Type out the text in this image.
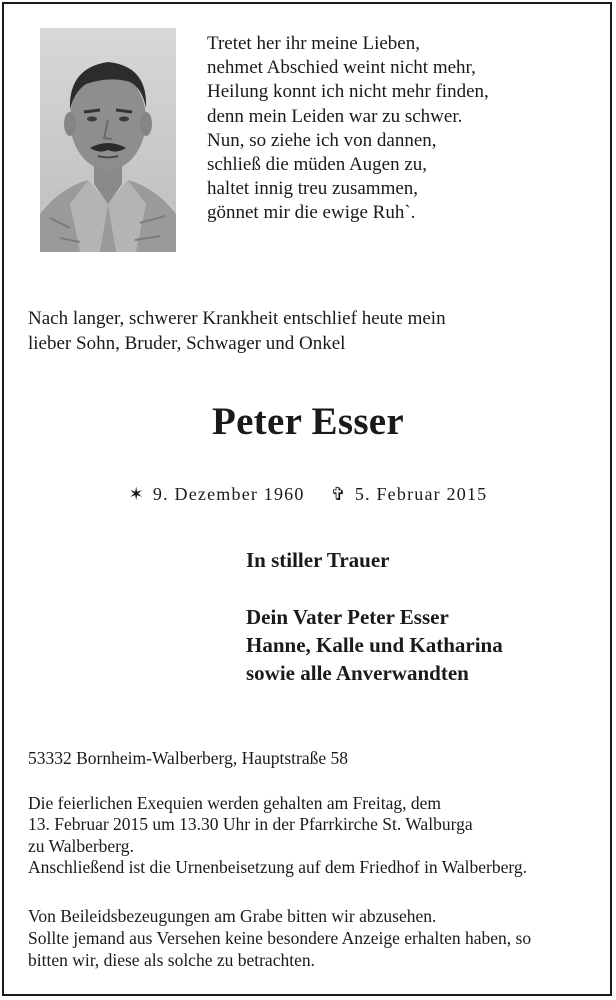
Tretet her ihr meine Lieben,
nehmet Abschied weint nicht mehr,
Heilung konnt ich nicht mehr finden,
denn mein Leiden war zu schwer.
Nun, so ziehe ich von dannen,
schließ die müden Augen zu,
haltet innig treu zusammen,
gönnet mir die ewige Ruh`.
Nach langer, schwerer Krankheit entschlief heute mein
lieber Sohn, Bruder, Schwager und Onkel
Peter Esser
✶ 9. Dezember 1960 ✞ 5. Februar 2015
In stiller Trauer
Dein Vater Peter Esser
Hanne, Kalle und Katharina
sowie alle Anverwandten
53332 Bornheim-Walberberg, Hauptstraße 58
Die feierlichen Exequien werden gehalten am Freitag, dem
13. Februar 2015 um 13.30 Uhr in der Pfarrkirche St. Walburga
zu Walberberg.
Anschließend ist die Urnenbeisetzung auf dem Friedhof in Walberberg.
Von Beileidsbezeugungen am Grabe bitten wir abzusehen.
Sollte jemand aus Versehen keine besondere Anzeige erhalten haben, so
bitten wir, diese als solche zu betrachten.
